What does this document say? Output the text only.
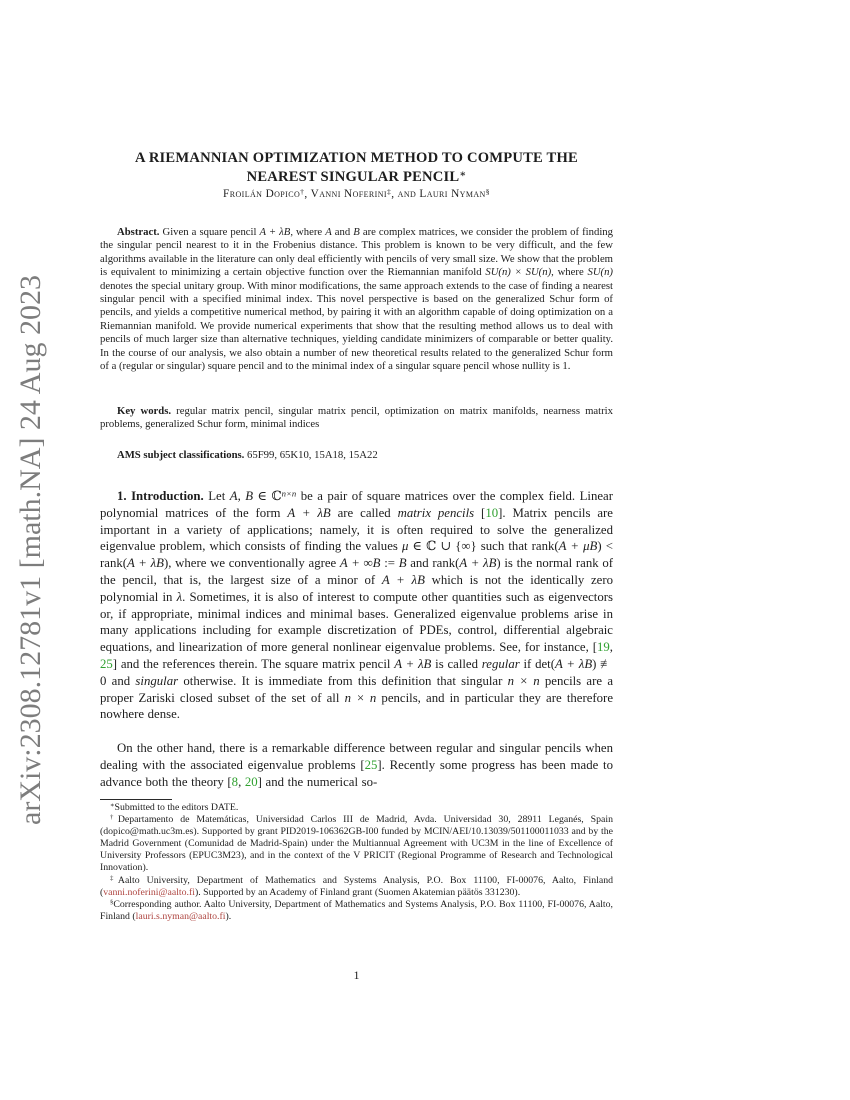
arXiv:2308.12781v1 [math.NA] 24 Aug 2023
A RIEMANNIAN OPTIMIZATION METHOD TO COMPUTE THE NEAREST SINGULAR PENCIL∗
Froilán Dopico†, Vanni Noferini‡, and Lauri Nyman§

Abstract. Given a square pencil A + λB, where A and B are complex matrices, we consider the problem of finding the singular pencil nearest to it in the Frobenius distance. This problem is known to be very difficult, and the few algorithms available in the literature can only deal efficiently with pencils of very small size. We show that the problem is equivalent to minimizing a certain objective function over the Riemannian manifold SU(n) × SU(n), where SU(n) denotes the special unitary group. With minor modifications, the same approach extends to the case of finding a nearest singular pencil with a specified minimal index. This novel perspective is based on the generalized Schur form of pencils, and yields a competitive numerical method, by pairing it with an algorithm capable of doing optimization on a Riemannian manifold. We provide numerical experiments that show that the resulting method allows us to deal with pencils of much larger size than alternative techniques, yielding candidate minimizers of comparable or better quality. In the course of our analysis, we also obtain a number of new theoretical results related to the generalized Schur form of a (regular or singular) square pencil and to the minimal index of a singular square pencil whose nullity is 1.

Key words. regular matrix pencil, singular matrix pencil, optimization on matrix manifolds, nearness matrix problems, generalized Schur form, minimal indices

AMS subject classifications. 65F99, 65K10, 15A18, 15A22

1. Introduction. Let A, B ∈ ℂ$^{n\times n}$ be a pair of square matrices over the complex field. Linear polynomial matrices of the form A + λB are called matrix pencils [10]. Matrix pencils are important in a variety of applications; namely, it is often required to solve the generalized eigenvalue problem, which consists of finding the values μ ∈ ℂ ∪ {∞} such that rank(A + μB) < rank(A + λB), where we conventionally agree A + ∞B := B and rank(A + λB) is the normal rank of the pencil, that is, the largest size of a minor of A + λB which is not the identically zero polynomial in λ. Sometimes, it is also of interest to compute other quantities such as eigenvectors or, if appropriate, minimal indices and minimal bases. Generalized eigenvalue problems arise in many applications including for example discretization of PDEs, control, differential algebraic equations, and linearization of more general nonlinear eigenvalue problems. See, for instance, [19, 25] and the references therein. The square matrix pencil A + λB is called regular if det(A + λB) ≢ 0 and singular otherwise. It is immediate from this definition that singular n × n pencils are a proper Zariski closed subset of the set of all n × n pencils, and in particular they are therefore nowhere dense.

On the other hand, there is a remarkable difference between regular and singular pencils when dealing with the associated eigenvalue problems [25]. Recently some progress has been made to advance both the theory [8, 20] and the numerical so-

∗Submitted to the editors DATE.

†Departamento de Matemáticas, Universidad Carlos III de Madrid, Avda. Universidad 30, 28911 Leganés, Spain (dopico@math.uc3m.es). Supported by grant PID2019-106362GB-I00 funded by MCIN/AEI/10.13039/501100011033 and by the Madrid Government (Comunidad de Madrid-Spain) under the Multiannual Agreement with UC3M in the line of Excellence of University Professors (EPUC3M23), and in the context of the V PRICIT (Regional Programme of Research and Technological Innovation).

‡Aalto University, Department of Mathematics and Systems Analysis, P.O. Box 11100, FI-00076, Aalto, Finland (vanni.noferini@aalto.fi). Supported by an Academy of Finland grant (Suomen Akatemian päätös 331230).

§Corresponding author. Aalto University, Department of Mathematics and Systems Analysis, P.O. Box 11100, FI-00076, Aalto, Finland (lauri.s.nyman@aalto.fi).

1
